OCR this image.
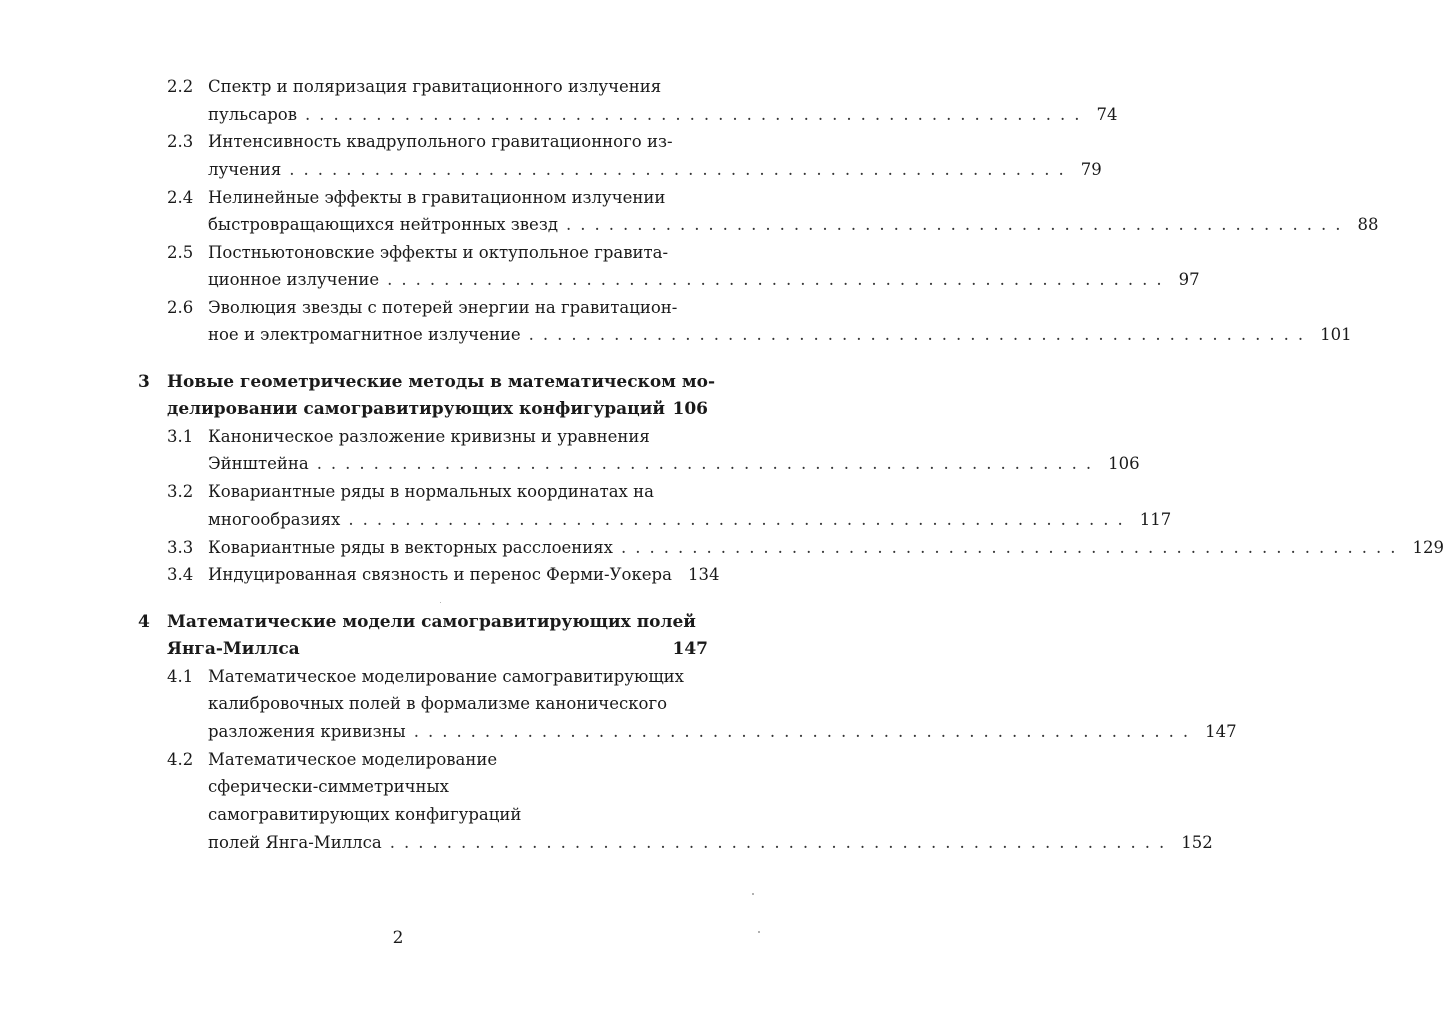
2.2 Спектр и поляризация гравитационного излучения
пульсаров ....................................................... 74
2.3 Интенсивность квадрупольного гравитационного из-
лучения ....................................................... 79
2.4 Нелинейные эффекты в гравитационном излучении
быстровращающихся нейтронных звезд ....................................................... 88
2.5 Постньютоновские эффекты и октупольное гравита-
ционное излучение ....................................................... 97
2.6 Эволюция звезды с потерей энергии на гравитацион-
ное и электромагнитное излучение ....................................................... 101
3 Новые геометрические методы в математическом мо-
делировании самогравитирующих конфигураций 106
3.1 Каноническое разложение кривизны и уравнения
Эйнштейна ....................................................... 106
3.2 Ковариантные ряды в нормальных координатах на
многообразиях ....................................................... 117
3.3 Ковариантные ряды в векторных расслоениях ....................................................... 129
3.4 Индуцированная связность и перенос Ферми-Уокера 134
4 Математические модели самогравитирующих полей
Янга-Миллса	147
4.1 Математическое моделирование самогравитирующих
калибровочных полей в формализме канонического
разложения кривизны ....................................................... 147
4.2 Математическое моделирование
сферически-симметричных
самогравитирующих конфигураций
полей Янга-Миллса ....................................................... 152
2
